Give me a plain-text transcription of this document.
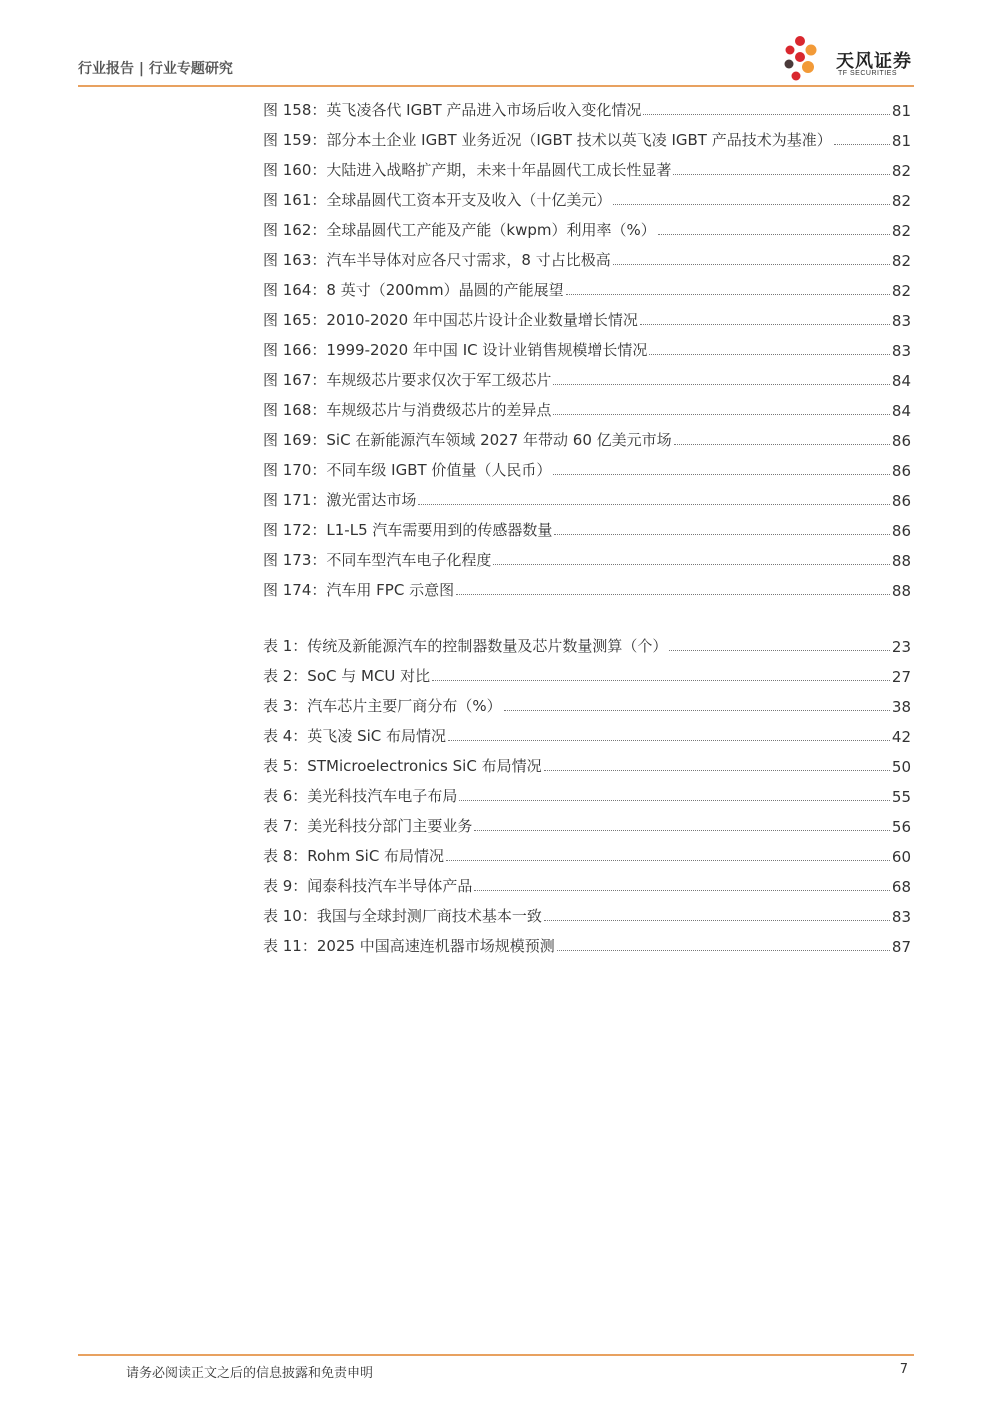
行业报告 | 行业专题研究	天风证券
TF SECURITIES
图 158：英飞凌各代 IGBT 产品进入市场后收入变化情况	81
图 159：部分本土企业 IGBT 业务近况（IGBT 技术以英飞凌 IGBT 产品技术为基准）	81
图 160：大陆进入战略扩产期，未来十年晶圆代工成长性显著	82
图 161：全球晶圆代工资本开支及收入（十亿美元）	82
图 162：全球晶圆代工产能及产能（kwpm）利用率（%）	82
图 163：汽车半导体对应各尺寸需求，8 寸占比极高	82
图 164：8 英寸（200mm）晶圆的产能展望	82
图 165：2010-2020 年中国芯片设计企业数量增长情况	83
图 166：1999-2020 年中国 IC 设计业销售规模增长情况	83
图 167：车规级芯片要求仅次于军工级芯片	84
图 168：车规级芯片与消费级芯片的差异点	84
图 169：SiC 在新能源汽车领域 2027 年带动 60 亿美元市场	86
图 170：不同车级 IGBT 价值量（人民币）	86
图 171：激光雷达市场	86
图 172：L1-L5 汽车需要用到的传感器数量	86
图 173：不同车型汽车电子化程度	88
图 174：汽车用 FPC 示意图	88
表 1：传统及新能源汽车的控制器数量及芯片数量测算（个）	23
表 2：SoC 与 MCU 对比	27
表 3：汽车芯片主要厂商分布（%）	38
表 4：英飞凌 SiC 布局情况	42
表 5：STMicroelectronics SiC 布局情况	50
表 6：美光科技汽车电子布局	55
表 7：美光科技分部门主要业务	56
表 8：Rohm SiC 布局情况	60
表 9：闻泰科技汽车半导体产品	68
表 10：我国与全球封测厂商技术基本一致	83
表 11：2025 中国高速连机器市场规模预测	87
请务必阅读正文之后的信息披露和免责申明	7
